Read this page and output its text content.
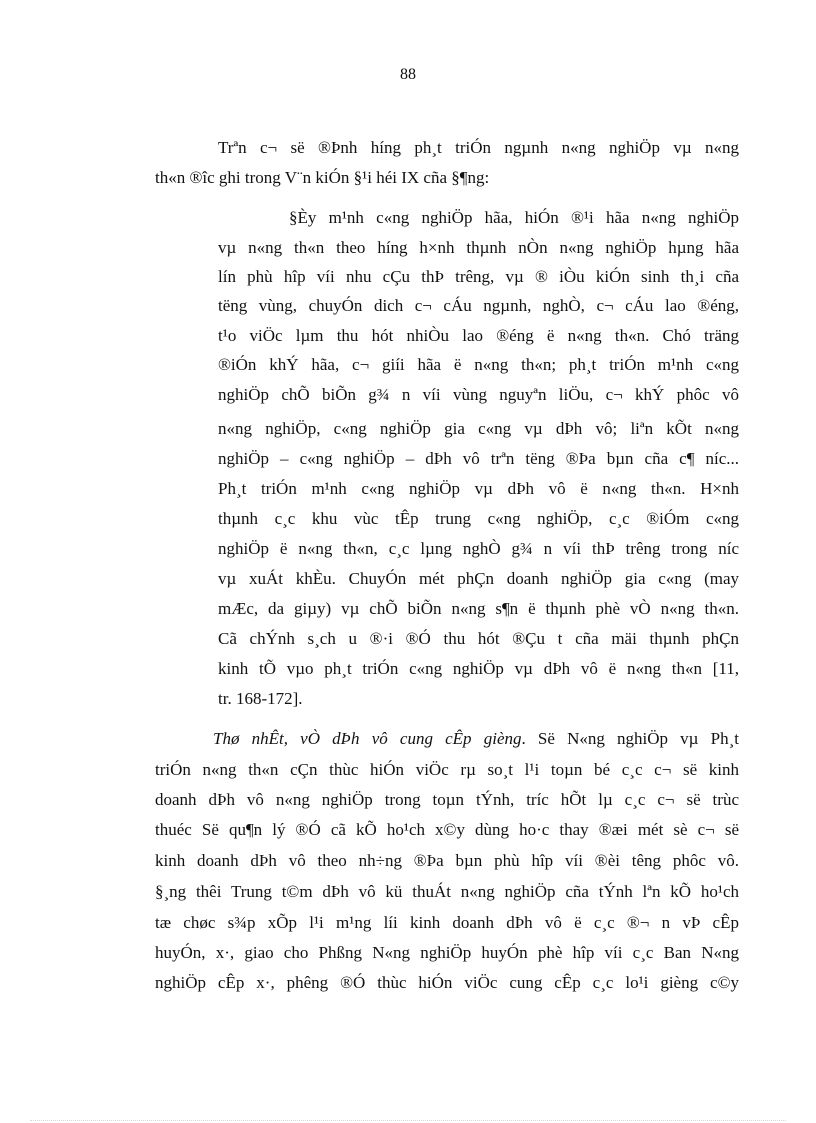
88
Trªn c¬ së ®Þnh híng ph¸t triÓn ngµnh n«ng nghiÖp vµ n«ng
th«n ®îc ghi trong V¨n kiÓn §¹i héi IX cña §¶ng:
§Èy m¹nh c«ng nghiÖp hãa, hiÓn ®¹i hãa n«ng nghiÖp
vµ n«ng th«n theo híng h×nh thµnh nÒn n«ng nghiÖp hµng hãa
lín phù hîp víi nhu cÇu thÞ trêng, vµ ® iÒu kiÓn sinh th¸i cña
tëng vùng, chuyÓn dich c¬ cÁu ngµnh, nghÒ, c¬ cÁu lao ®éng,
t¹o viÖc lµm thu hót nhiÒu lao ®éng ë n«ng th«n. Chó träng
®iÓn khÝ hãa, c¬ giíi hãa ë n«ng th«n; ph¸t triÓn m¹nh c«ng
nghiÖp chÕ biÕn g¾ n víi vùng nguyªn liÖu, c¬ khÝ phôc vô
n«ng nghiÖp, c«ng nghiÖp gia c«ng vµ dÞh vô; liªn kÕt n«ng
nghiÖp – c«ng nghiÖp – dÞh vô trªn tëng ®Þa bµn cña c¶ níc...
Ph¸t triÓn m¹nh c«ng nghiÖp vµ dÞh vô ë n«ng th«n. H×nh
thµnh c¸c khu vùc tÊp trung c«ng nghiÖp, c¸c ®iÓm c«ng
nghiÖp ë n«ng th«n, c¸c lµng nghÒ g¾ n víi thÞ trêng trong níc
vµ xuÁt khÈu. ChuyÓn mét phÇn doanh nghiÖp gia c«ng (may
mÆc, da giµy) vµ chÕ biÕn n«ng s¶n ë thµnh phè vÒ n«ng th«n.
Cã chÝnh s¸ch u ®·i ®Ó thu hót ®Çu t cña mäi thµnh phÇn
kinh tÕ vµo ph¸t triÓn c«ng nghiÖp vµ dÞh vô ë n«ng th«n [11,
tr. 168-172].
Thø nhÊt, vÒ dÞh vô cung cÊp gièng. Së N«ng nghiÖp vµ Ph¸t
triÓn n«ng th«n cÇn thùc hiÓn viÖc rµ so¸t l¹i toµn bé c¸c c¬ së kinh
doanh dÞh vô n«ng nghiÖp trong toµn tÝnh, tríc hÕt lµ c¸c c¬ së trùc
thuéc Së qu¶n lý ®Ó cã kÕ ho¹ch x©y dùng ho·c thay ®æi mét sè c¬ së
kinh doanh dÞh vô theo nh÷ng ®Þa bµn phù hîp víi ®èi têng phôc vô.
§¸ng thêi Trung t©m dÞh vô kü thuÁt n«ng nghiÖp cña tÝnh lªn kÕ ho¹ch
tæ chøc s¾p xÕp l¹i m¹ng líi kinh doanh dÞh vô ë c¸c ®¬ n vÞ cÊp
huyÓn, x·, giao cho Phßng N«ng nghiÖp huyÓn phè hîp víi c¸c Ban N«ng
nghiÖp cÊp x·, phêng ®Ó thùc hiÓn viÖc cung cÊp c¸c lo¹i gièng c©y
